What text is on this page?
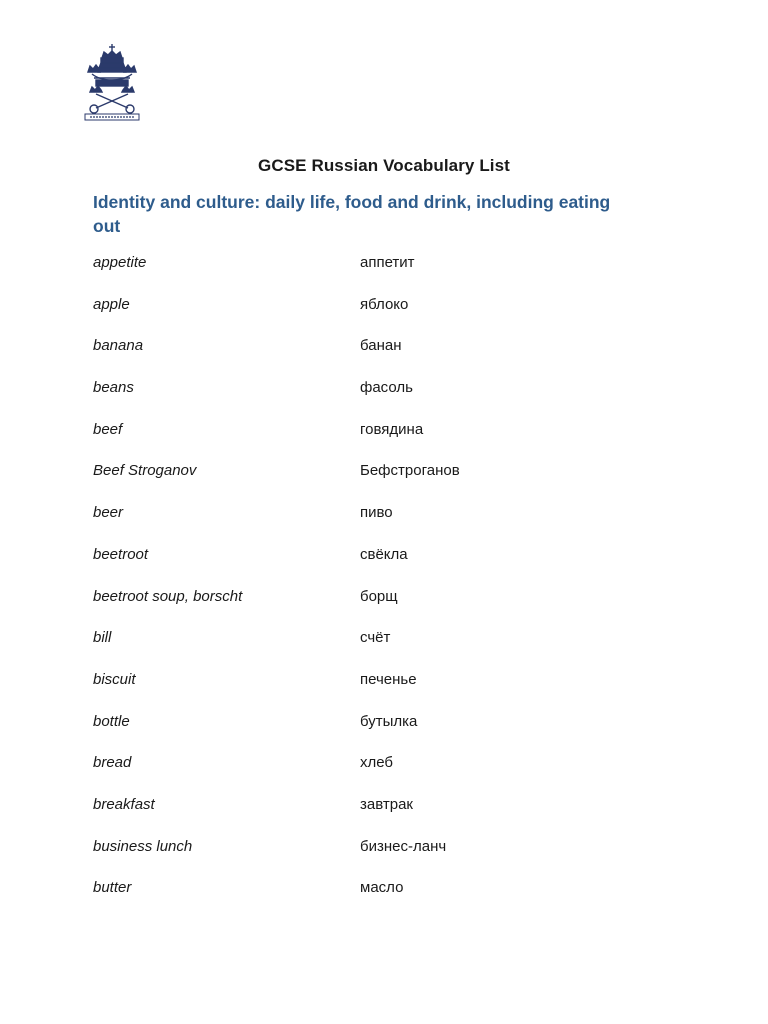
GCSE Russian Vocabulary List
Identity and culture: daily life, food and drink, including eating out
appetite	аппетит
apple	яблоко
banana	банан
beans	фасоль
beef	говядина
Beef Stroganov	Бефстроганов
beer	пиво
beetroot	свёкла
beetroot soup, borscht	борщ
bill	счёт
biscuit	печенье
bottle	бутылка
bread	хлеб
breakfast	завтрак
business lunch	бизнес-ланч
butter	масло
